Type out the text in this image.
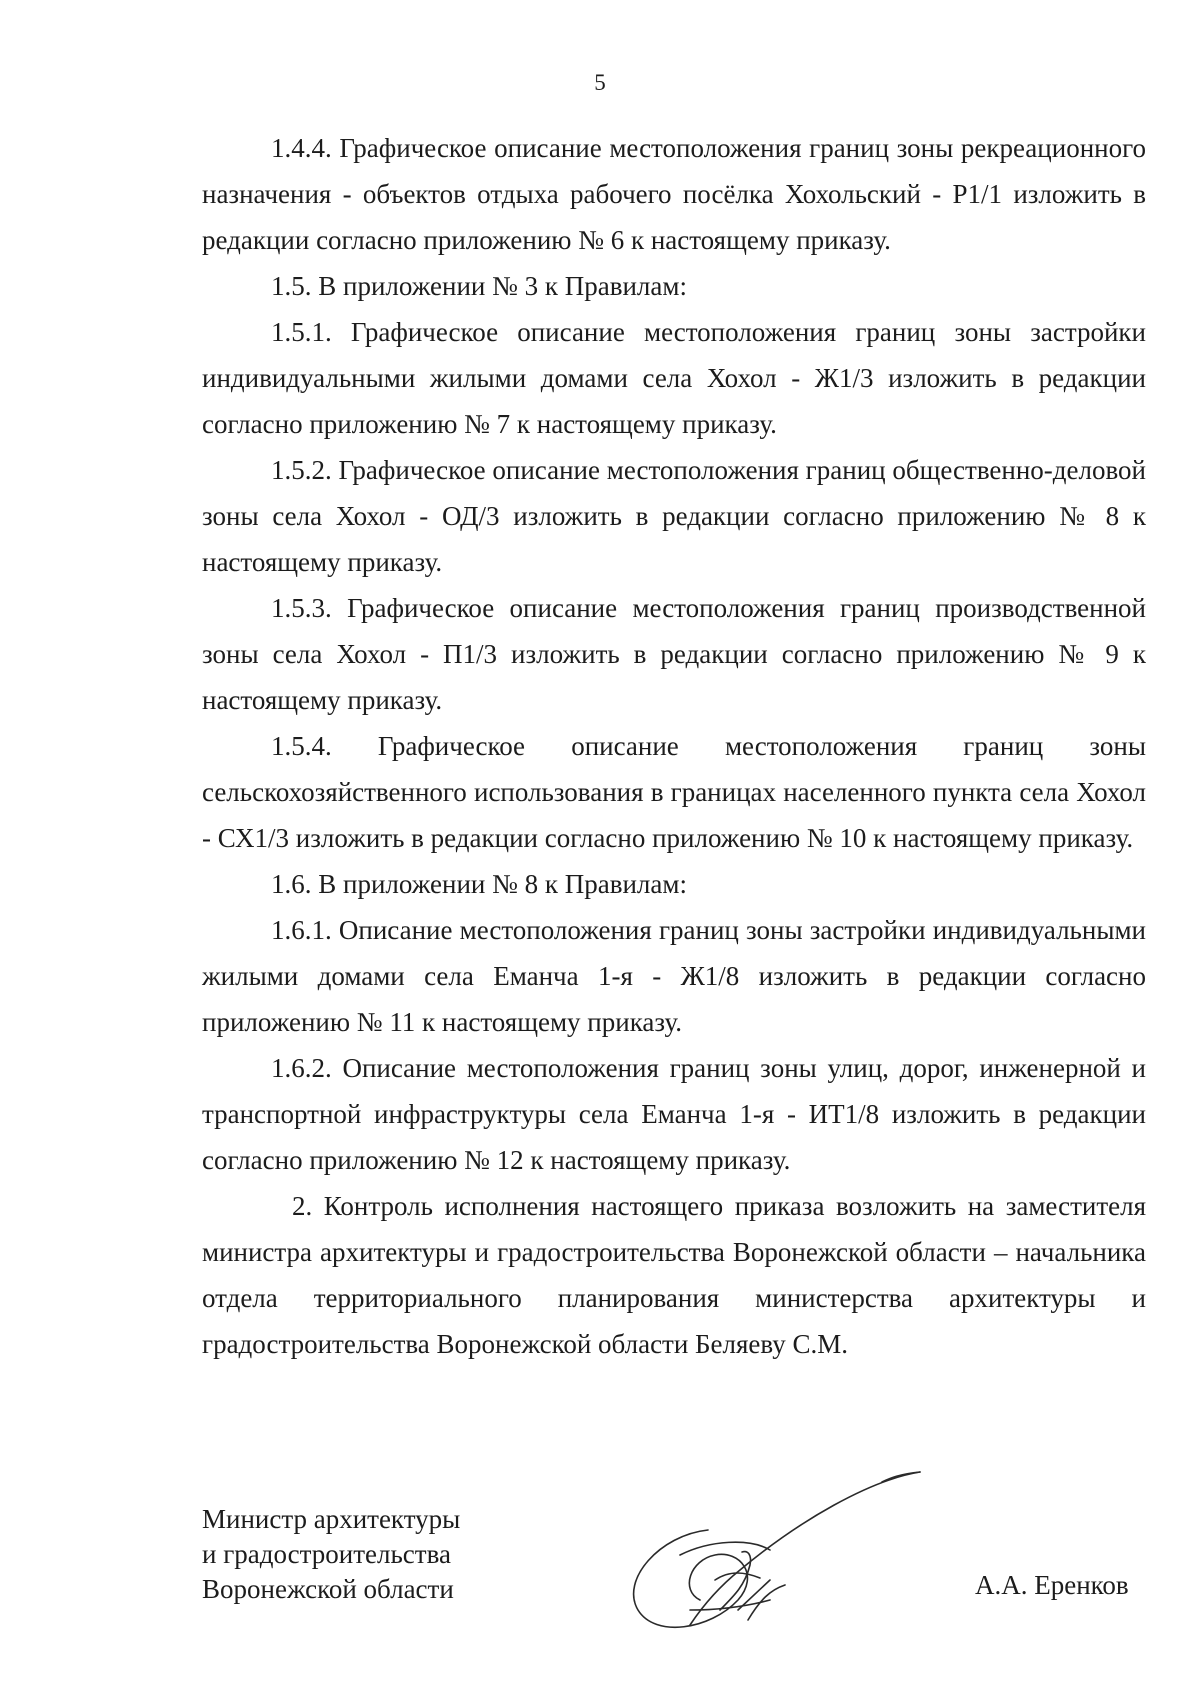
5

1.4.4. Графическое описание местоположения границ зоны рекреационного назначения - объектов отдыха рабочего посёлка Хохольский - Р1/1 изложить в редакции согласно приложению № 6 к настоящему приказу.

1.5. В приложении № 3 к Правилам:

1.5.1. Графическое описание местоположения границ зоны застройки индивидуальными жилыми домами села Хохол - Ж1/3 изложить в редакции согласно приложению № 7 к настоящему приказу.

1.5.2. Графическое описание местоположения границ общественно-деловой зоны села Хохол - ОД/3 изложить в редакции согласно приложению № 8 к настоящему приказу.

1.5.3. Графическое описание местоположения границ производственной зоны села Хохол - П1/3 изложить в редакции согласно приложению № 9 к настоящему приказу.

1.5.4. Графическое описание местоположения границ зоны сельскохозяйственного использования в границах населенного пункта села Хохол - СХ1/3 изложить в редакции согласно приложению № 10 к настоящему приказу.

1.6. В приложении № 8 к Правилам:

1.6.1. Описание местоположения границ зоны застройки индивидуальными жилыми домами села Еманча 1-я - Ж1/8 изложить в редакции согласно приложению № 11 к настоящему приказу.

1.6.2. Описание местоположения границ зоны улиц, дорог, инженерной и транспортной инфраструктуры села Еманча 1-я - ИТ1/8 изложить в редакции согласно приложению № 12 к настоящему приказу.

2. Контроль исполнения настоящего приказа возложить на заместителя министра архитектуры и градостроительства Воронежской области – начальника отдела территориального планирования министерства архитектуры и градостроительства Воронежской области Беляеву С.М.

Министр архитектуры
и градостроительства
Воронежской области	А.А. Еренков
